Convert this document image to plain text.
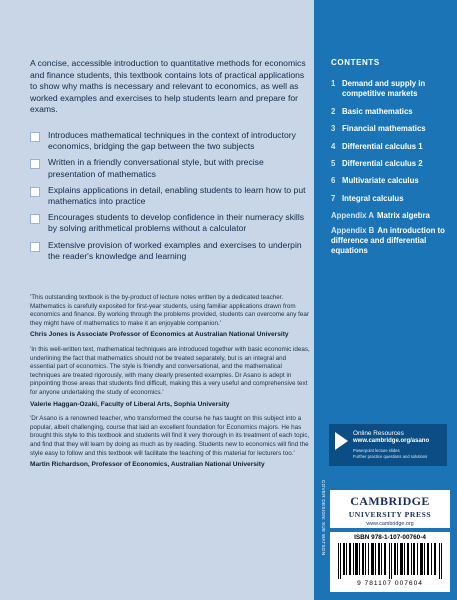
A concise, accessible introduction to quantitative methods for economics and finance students, this textbook contains lots of practical applications to show why maths is necessary and relevant to economics, as well as worked examples and exercises to help students learn and prepare for exams.
Introduces mathematical techniques in the context of introductory economics, bridging the gap between the two subjects
Written in a friendly conversational style, but with precise presentation of mathematics
Explains applications in detail, enabling students to learn how to put mathematics into practice
Encourages students to develop confidence in their numeracy skills by solving arithmetical problems without a calculator
Extensive provision of worked examples and exercises to underpin the reader's knowledge and learning
'This outstanding textbook is the by-product of lecture notes written by a dedicated teacher. Mathematics is carefully exposited for first-year students, using familiar applications drawn from economics and finance. By working through the problems provided, students can overcome any fear they might have of mathematics to make it an enjoyable companion.'
Chris Jones is Associate Professor of Economics at Australian National University
'In this well-written text, mathematical techniques are introduced together with basic economic ideas, underlining the fact that mathematics should not be treated separately, but is an integral and essential part of economics. The style is friendly and conversational, and the mathematical techniques are treated rigorously, with many clearly presented examples. Dr Asano is adept in pinpointing those areas that students find difficult, making this a very useful and comprehensive text for anyone undertaking the study of economics.'
Valerie Haggan-Ozaki, Faculty of Liberal Arts, Sophia University
'Dr Asano is a renowned teacher, who transformed the course he has taught on this subject into a popular, albeit challenging, course that laid an excellent foundation for Economics majors. He has brought this style to this textbook and students will find it very thorough in its treatment of each topic, and find that they will learn by doing as much as by reading. Students new to economics will find the style easy to follow and this textbook will facilitate the teaching of this material for lecturers too.'
Martin Richardson, Professor of Economics, Australian National University
CONTENTS
1 Demand and supply in competitive markets
2 Basic mathematics
3 Financial mathematics
4 Differential calculus 1
5 Differential calculus 2
6 Multivariate calculus
7 Integral calculus
Appendix A Matrix algebra
Appendix B An introduction to difference and differential equations
Online Resources
www.cambridge.org/asano
Powerpoint lecture slides
Further practice questions and solutions
COVER DESIGN: SUE WATSON	CAMBRIDGE
UNIVERSITY PRESS
www.cambridge.org
ISBN 978-1-107-00760-4
9 781107 007604
